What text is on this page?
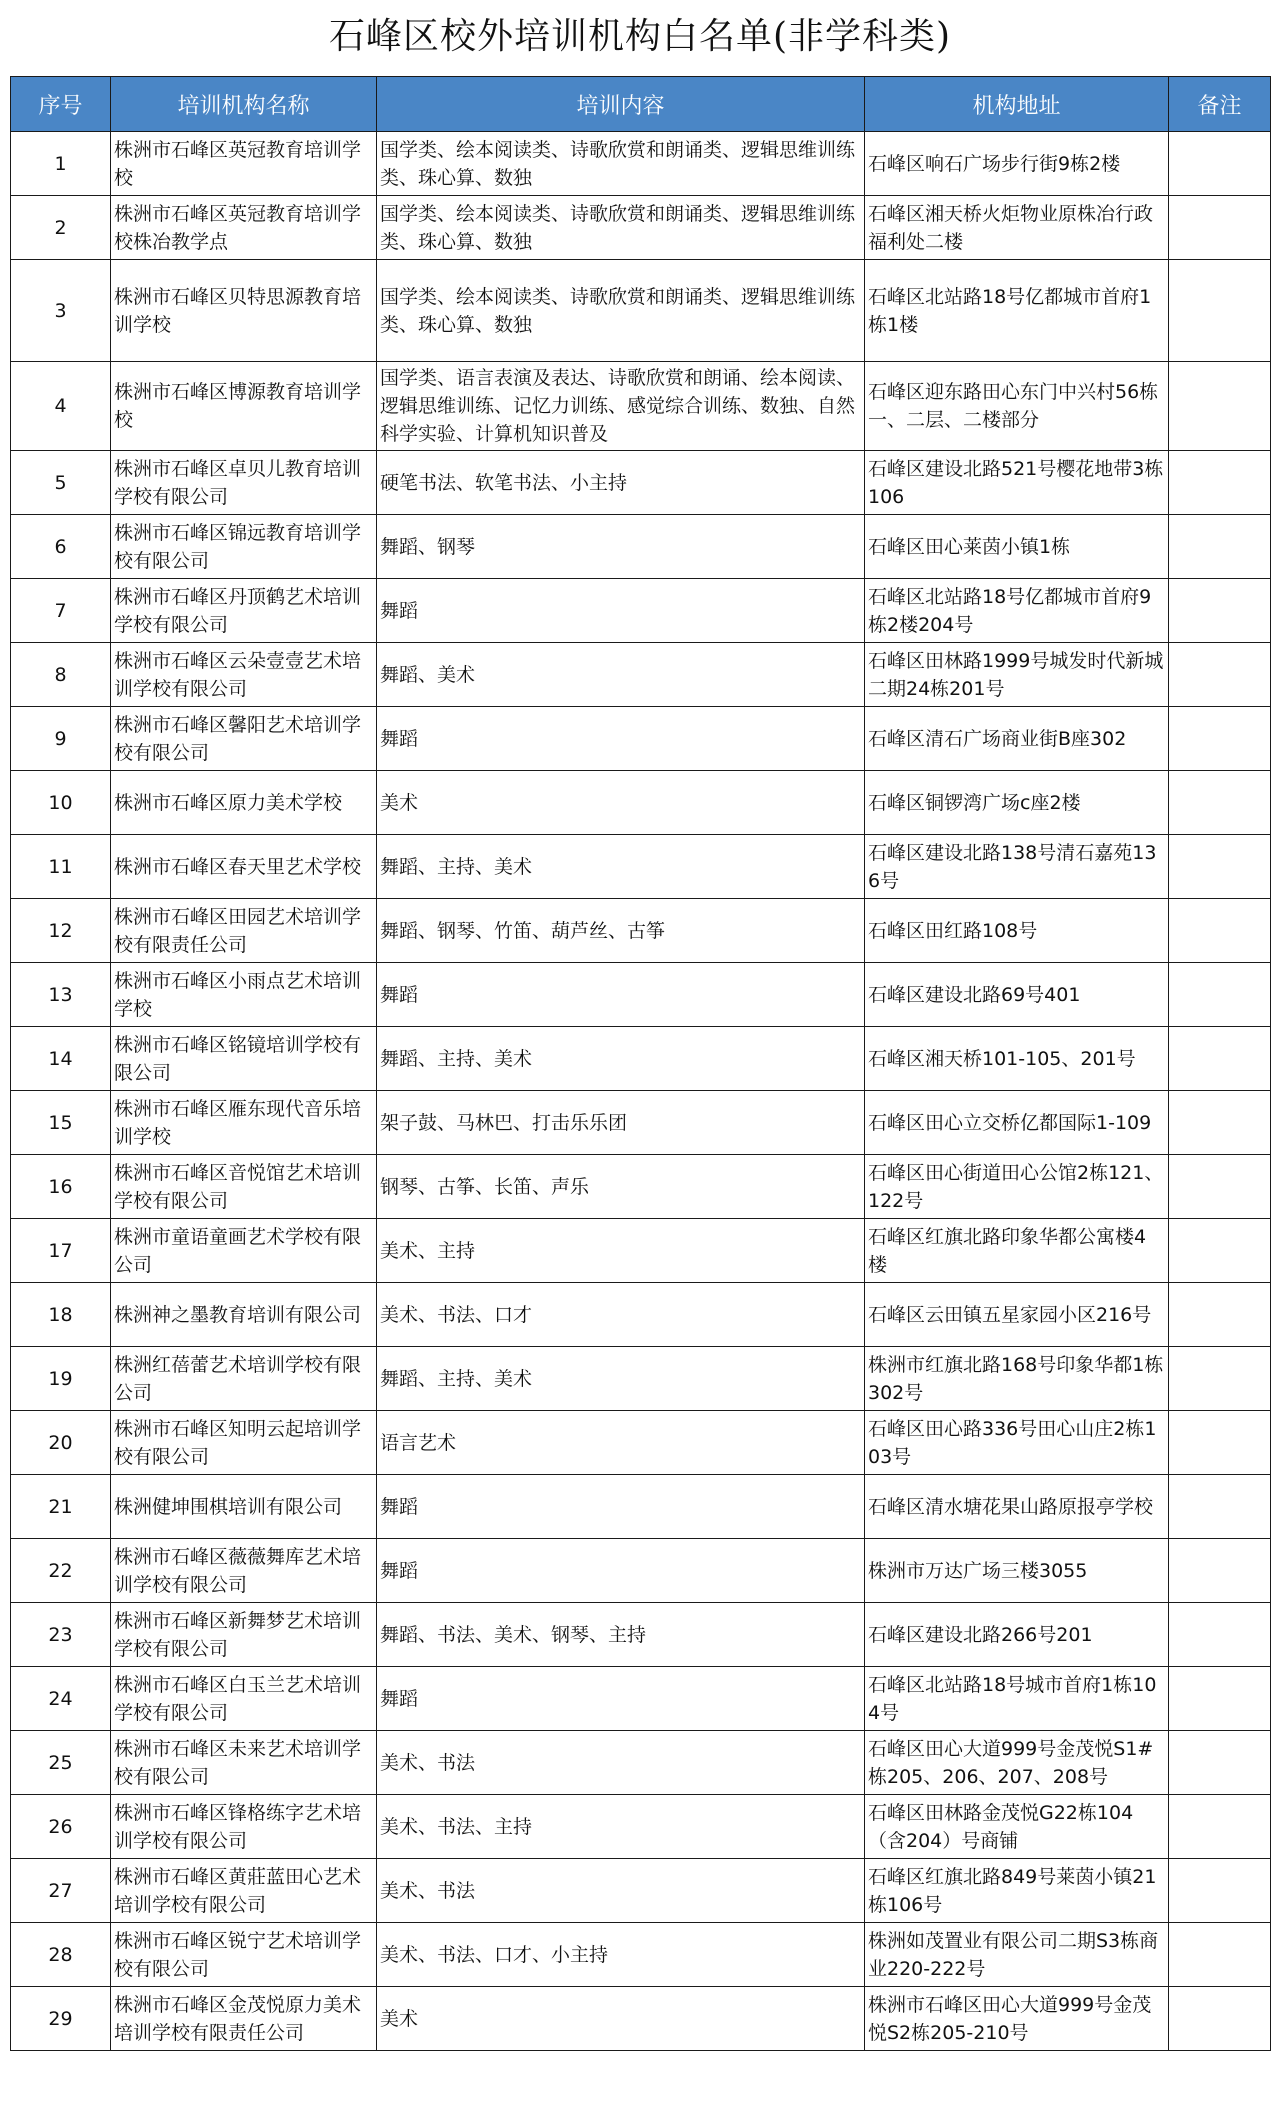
石峰区校外培训机构白名单(非学科类)
序号	培训机构名称	培训内容	机构地址	备注
1	株洲市石峰区英冠教育培训学校	国学类、绘本阅读类、诗歌欣赏和朗诵类、逻辑思维训练类、珠心算、数独	石峰区响石广场步行街9栋2楼	
2	株洲市石峰区英冠教育培训学校株冶教学点	国学类、绘本阅读类、诗歌欣赏和朗诵类、逻辑思维训练类、珠心算、数独	石峰区湘天桥火炬物业原株冶行政福利处二楼	
3	株洲市石峰区贝特思源教育培训学校	国学类、绘本阅读类、诗歌欣赏和朗诵类、逻辑思维训练类、珠心算、数独	石峰区北站路18号亿都城市首府1栋1楼	
4	株洲市石峰区博源教育培训学校	国学类、语言表演及表达、诗歌欣赏和朗诵、绘本阅读、逻辑思维训练、记忆力训练、感觉综合训练、数独、自然科学实验、计算机知识普及	石峰区迎东路田心东门中兴村56栋一、二层、二楼部分	
5	株洲市石峰区卓贝儿教育培训学校有限公司	硬笔书法、软笔书法、小主持	石峰区建设北路521号樱花地带3栋106	
6	株洲市石峰区锦远教育培训学校有限公司	舞蹈、钢琴	石峰区田心莱茵小镇1栋	
7	株洲市石峰区丹顶鹤艺术培训学校有限公司	舞蹈	石峰区北站路18号亿都城市首府9栋2楼204号	
8	株洲市石峰区云朵壹壹艺术培训学校有限公司	舞蹈、美术	石峰区田林路1999号城发时代新城二期24栋201号	
9	株洲市石峰区馨阳艺术培训学校有限公司	舞蹈	石峰区清石广场商业街B座302	
10	株洲市石峰区原力美术学校	美术	石峰区铜锣湾广场c座2楼	
11	株洲市石峰区春天里艺术学校	舞蹈、主持、美术	石峰区建设北路138号清石嘉苑136号	
12	株洲市石峰区田园艺术培训学校有限责任公司	舞蹈、钢琴、竹笛、葫芦丝、古筝	石峰区田红路108号	
13	株洲市石峰区小雨点艺术培训学校	舞蹈	石峰区建设北路69号401	
14	株洲市石峰区铭镜培训学校有限公司	舞蹈、主持、美术	石峰区湘天桥101-105、201号	
15	株洲市石峰区雁东现代音乐培训学校	架子鼓、马林巴、打击乐乐团	石峰区田心立交桥亿都国际1-109	
16	株洲市石峰区音悦馆艺术培训学校有限公司	钢琴、古筝、长笛、声乐	石峰区田心街道田心公馆2栋121、122号	
17	株洲市童语童画艺术学校有限公司	美术、主持	石峰区红旗北路印象华都公寓楼4楼	
18	株洲神之墨教育培训有限公司	美术、书法、口才	石峰区云田镇五星家园小区216号	
19	株洲红蓓蕾艺术培训学校有限公司	舞蹈、主持、美术	株洲市红旗北路168号印象华都1栋302号	
20	株洲市石峰区知明云起培训学校有限公司	语言艺术	石峰区田心路336号田心山庄2栋103号	
21	株洲健坤围棋培训有限公司	舞蹈	石峰区清水塘花果山路原报亭学校	
22	株洲市石峰区薇薇舞库艺术培训学校有限公司	舞蹈	株洲市万达广场三楼3055	
23	株洲市石峰区新舞梦艺术培训学校有限公司	舞蹈、书法、美术、钢琴、主持	石峰区建设北路266号201	
24	株洲市石峰区白玉兰艺术培训学校有限公司	舞蹈	石峰区北站路18号城市首府1栋104号	
25	株洲市石峰区未来艺术培训学校有限公司	美术、书法	石峰区田心大道999号金茂悦S1#栋205、206、207、208号	
26	株洲市石峰区锋格练字艺术培训学校有限公司	美术、书法、主持	石峰区田林路金茂悦G22栋104（含204）号商铺	
27	株洲市石峰区黄莊蓝田心艺术培训学校有限公司	美术、书法	石峰区红旗北路849号莱茵小镇21栋106号	
28	株洲市石峰区锐宁艺术培训学校有限公司	美术、书法、口才、小主持	株洲如茂置业有限公司二期S3栋商业220-222号	
29	株洲市石峰区金茂悦原力美术培训学校有限责任公司	美术	株洲市石峰区田心大道999号金茂悦S2栋205-210号	
